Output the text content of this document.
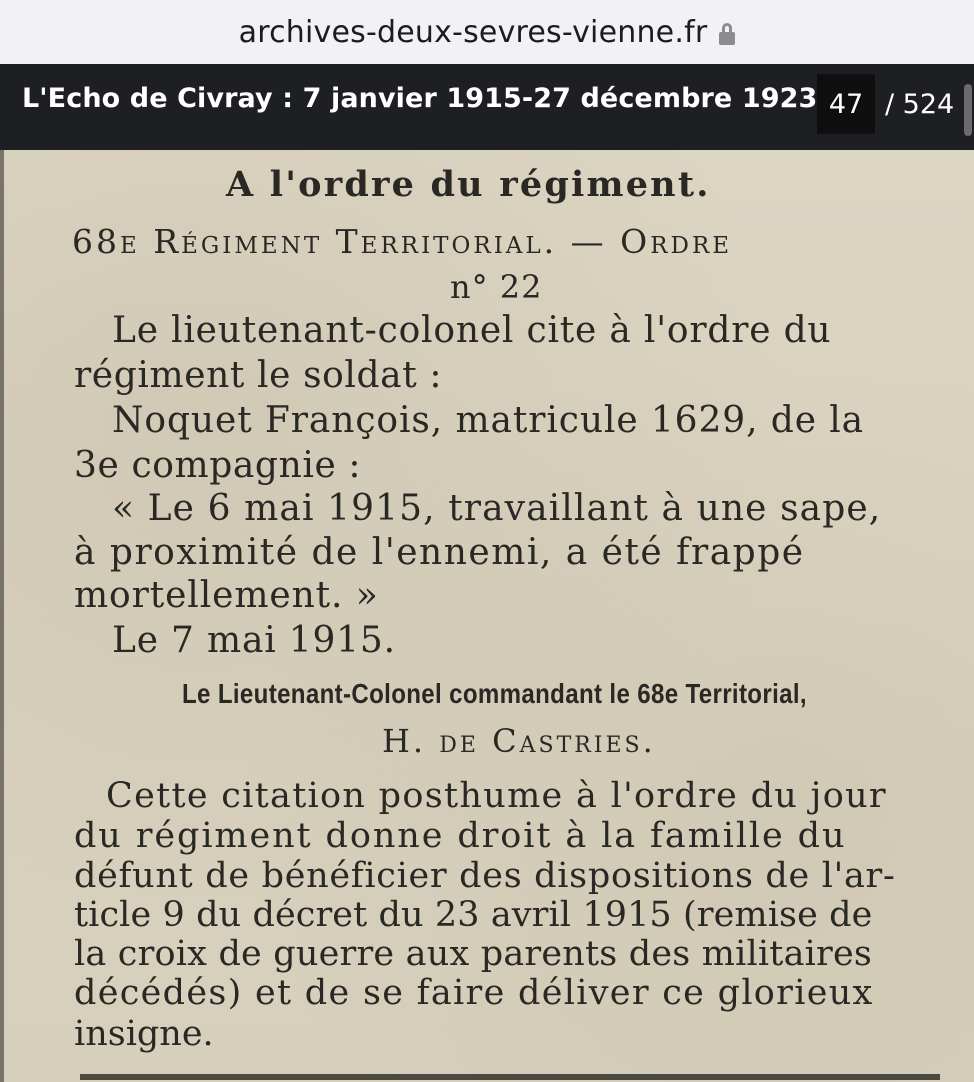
archives-deux-sevres-vienne.fr
L'Echo de Civray : 7 janvier 1915-27 décembre 1923 47 / 524
A l'ordre du régiment.
68e Régiment Territorial. — Ordre
n° 22
Le lieutenant-colonel cite à l'ordre du
régiment le soldat :
Noquet François, matricule 1629, de la
3e compagnie :
« Le 6 mai 1915, travaillant à une sape,
à proximité de l'ennemi, a été frappé
mortellement. »
Le 7 mai 1915.
Le Lieutenant-Colonel commandant le 68e Territorial,
H. de Castries.
Cette citation posthume à l'ordre du jour
du régiment donne droit à la famille du
défunt de bénéficier des dispositions de l'ar-
ticle 9 du décret du 23 avril 1915 (remise de
la croix de guerre aux parents des militaires
décédés) et de se faire déliver ce glorieux
insigne.
